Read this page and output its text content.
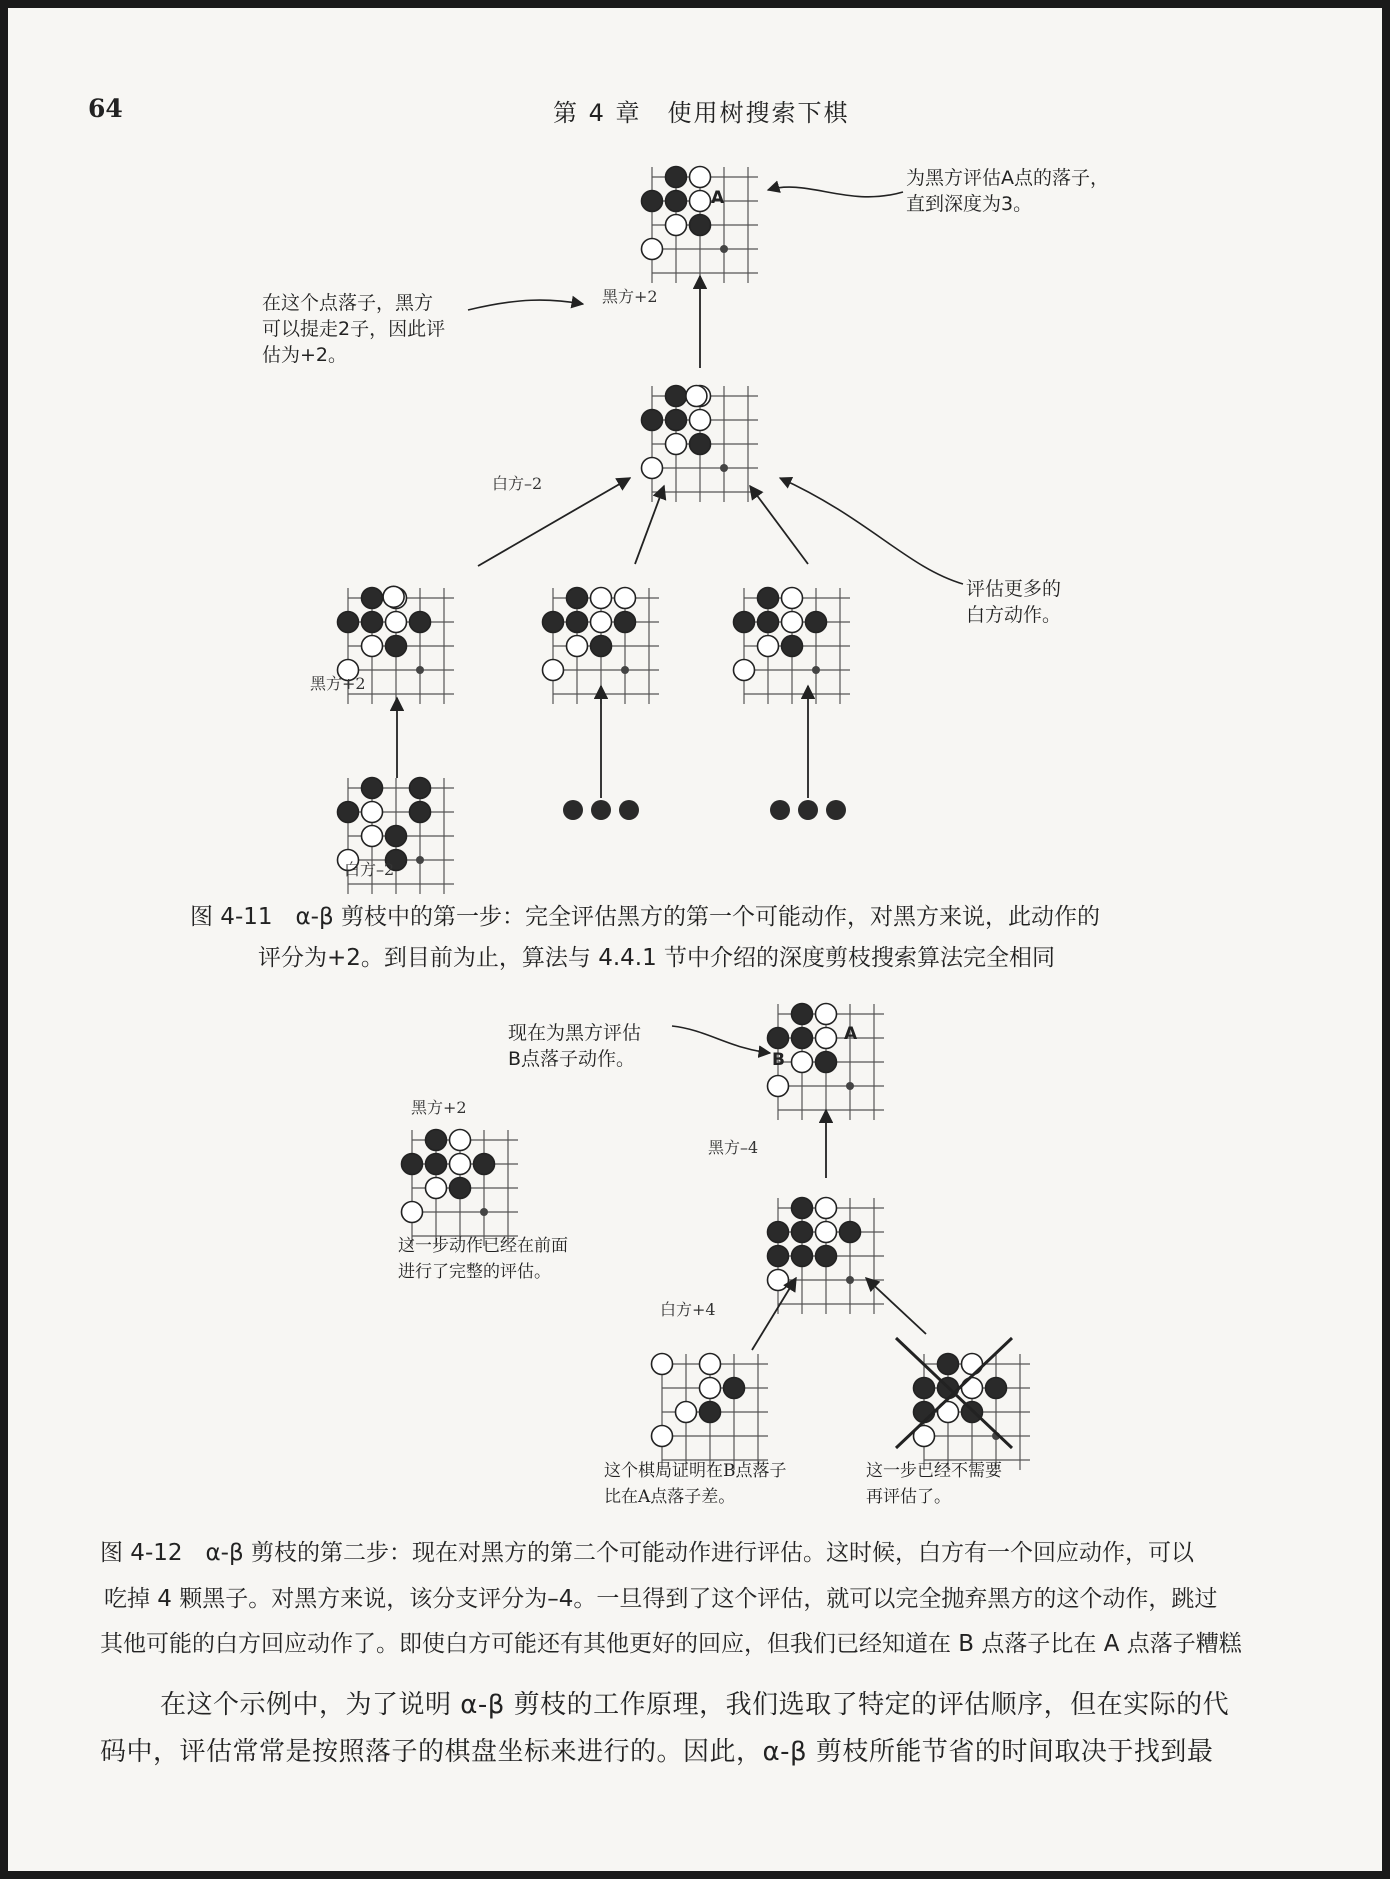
64	第 4 章　使用树搜索下棋
为黑方评估A点的落子，
直到深度为3。
在这个点落子，黑方
可以提走2子，因此评
估为+2。
评估更多的
白方动作。
黑方+2
白方–2
黑方+2
白方–2
A
图 4-11　α-β 剪枝中的第一步：完全评估黑方的第一个可能动作，对黑方来说，此动作的
评分为+2。到目前为止，算法与 4.4.1 节中介绍的深度剪枝搜索算法完全相同
现在为黑方评估
B点落子动作。
黑方+2
黑方–4
白方+4
这一步动作已经在前面
进行了完整的评估。
这个棋局证明在B点落子
比在A点落子差。
这一步已经不需要
再评估了。
A
B
图 4-12　α-β 剪枝的第二步：现在对黑方的第二个可能动作进行评估。这时候，白方有一个回应动作，可以
吃掉 4 颗黑子。对黑方来说，该分支评分为–4。一旦得到了这个评估，就可以完全抛弃黑方的这个动作，跳过
其他可能的白方回应动作了。即使白方可能还有其他更好的回应，但我们已经知道在 B 点落子比在 A 点落子糟糕
在这个示例中，为了说明 α-β 剪枝的工作原理，我们选取了特定的评估顺序，但在实际的代
码中，评估常常是按照落子的棋盘坐标来进行的。因此，α-β 剪枝所能节省的时间取决于找到最
